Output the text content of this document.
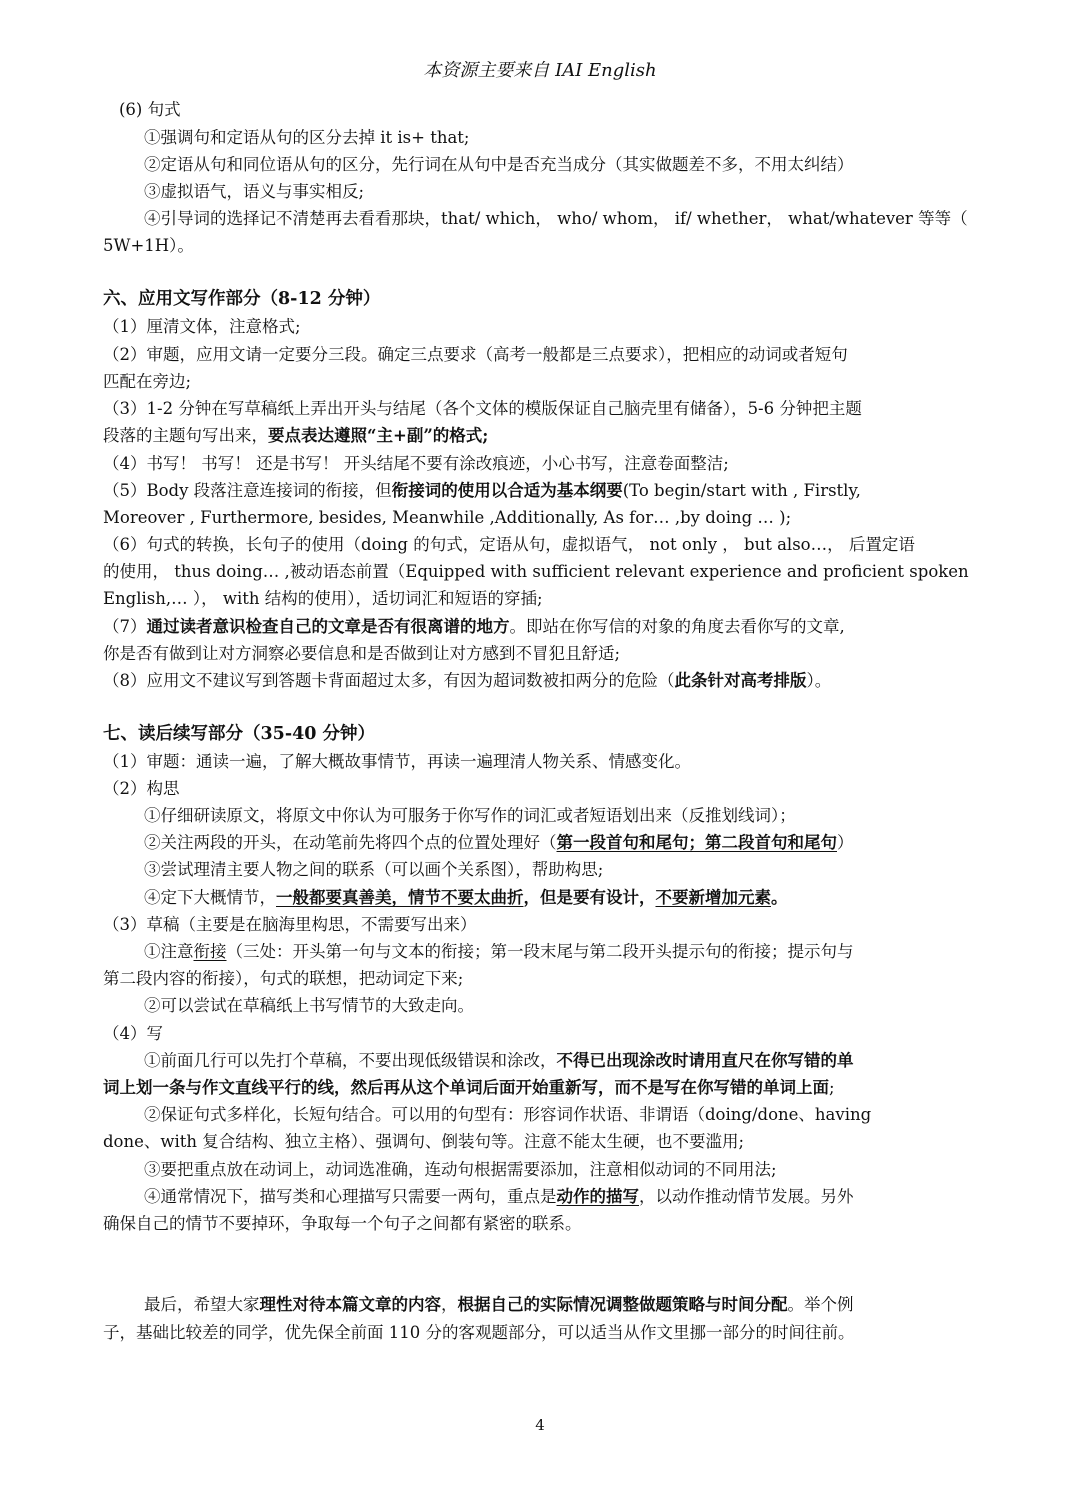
本资源主要来自 IAI English
(6) 句式
①强调句和定语从句的区分去掉 it is+ that;
②定语从句和同位语从句的区分，先行词在从句中是否充当成分（其实做题差不多，不用太纠结）
③虚拟语气，语义与事实相反;
④引导词的选择记不清楚再去看看那块，that/ which， who/ whom， if/ whether， what/whatever 等等（
5W+1H）。
六、应用文写作部分（8-12 分钟）
（1）厘清文体，注意格式;
（2）审题，应用文请一定要分三段。确定三点要求（高考一般都是三点要求），把相应的动词或者短句
匹配在旁边;
（3）1-2 分钟在写草稿纸上弄出开头与结尾（各个文体的模版保证自己脑壳里有储备），5-6 分钟把主题
段落的主题句写出来，要点表达遵照“主+副”的格式;
（4）书写！ 书写！ 还是书写！ 开头结尾不要有涂改痕迹，小心书写，注意卷面整洁;
（5）Body 段落注意连接词的衔接，但衔接词的使用以合适为基本纲要(To begin/start with , Firstly,
Moreover , Furthermore, besides, Meanwhile ,Additionally, As for… ,by doing … );
（6）句式的转换，长句子的使用（doing 的句式，定语从句，虚拟语气， not only ， but also…， 后置定语
的使用， thus doing… ,被动语态前置（Equipped with sufficient relevant experience and proficient spoken
English,… ）， with 结构的使用），适切词汇和短语的穿插;
（7）通过读者意识检查自己的文章是否有很离谱的地方。即站在你写信的对象的角度去看你写的文章,
你是否有做到让对方洞察必要信息和是否做到让对方感到不冒犯且舒适;
（8）应用文不建议写到答题卡背面超过太多，有因为超词数被扣两分的危险（此条针对高考排版）。
七、读后续写部分（35-40 分钟）
（1）审题：通读一遍，了解大概故事情节，再读一遍理清人物关系、情感变化。
（2）构思
①仔细研读原文，将原文中你认为可服务于你写作的词汇或者短语划出来（反推划线词）；
②关注两段的开头，在动笔前先将四个点的位置处理好（第一段首句和尾句；第二段首句和尾句）
③尝试理清主要人物之间的联系（可以画个关系图），帮助构思;
④定下大概情节，一般都要真善美，情节不要太曲折，但是要有设计，不要新增加元素。
（3）草稿（主要是在脑海里构思，不需要写出来）
①注意衔接（三处：开头第一句与文本的衔接；第一段末尾与第二段开头提示句的衔接；提示句与
第二段内容的衔接），句式的联想，把动词定下来;
②可以尝试在草稿纸上书写情节的大致走向。
（4）写
①前面几行可以先打个草稿，不要出现低级错误和涂改，不得已出现涂改时请用直尺在你写错的单
词上划一条与作文直线平行的线，然后再从这个单词后面开始重新写，而不是写在你写错的单词上面;
②保证句式多样化，长短句结合。可以用的句型有：形容词作状语、非谓语（doing/done、having
done、with 复合结构、独立主格）、强调句、倒装句等。注意不能太生硬，也不要滥用;
③要把重点放在动词上，动词选准确，连动句根据需要添加，注意相似动词的不同用法;
④通常情况下，描写类和心理描写只需要一两句，重点是动作的描写，以动作推动情节发展。另外
确保自己的情节不要掉环，争取每一个句子之间都有紧密的联系。
最后，希望大家理性对待本篇文章的内容，根据自己的实际情况调整做题策略与时间分配。举个例
子，基础比较差的同学，优先保全前面 110 分的客观题部分，可以适当从作文里挪一部分的时间往前。
4
